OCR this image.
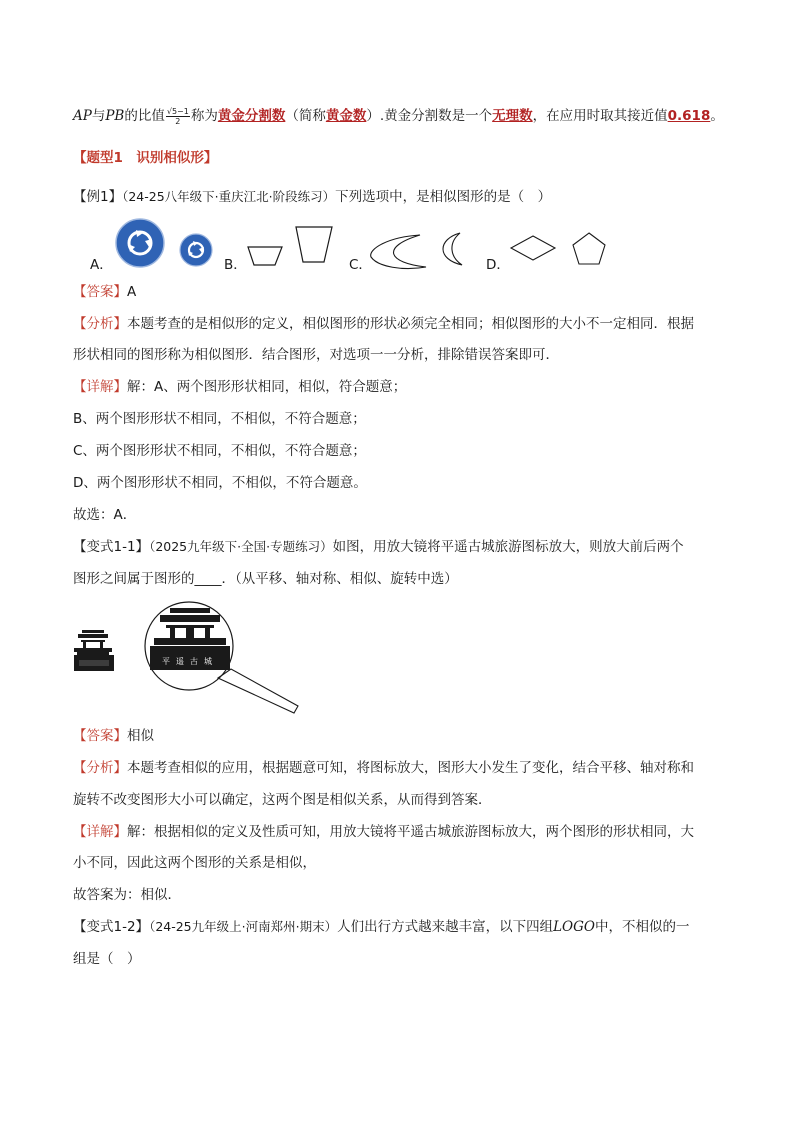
AP与PB的比值 $\frac{√5-1}{2}$ 称为黄金分割数（简称黄金数）.黄金分割数是一个无理数，在应用时取其接近值0.618。
【题型1　识别相似形】
【例1】（24-25八年级下·重庆江北·阶段练习）下列选项中，是相似图形的是（　）
A．	B．	C．	D．
【答案】A
【分析】本题考查的是相似形的定义，相似图形的形状必须完全相同；相似图形的大小不一定相同．根据
形状相同的图形称为相似图形．结合图形，对选项一一分析，排除错误答案即可．
【详解】解：A、两个图形形状相同，相似，符合题意；
B、两个图形形状不相同，不相似，不符合题意；
C、两个图形形状不相同，不相似，不符合题意；
D、两个图形形状不相同，不相似，不符合题意。
故选：A．
【变式1-1】（2025九年级下·全国·专题练习）如图，用放大镜将平遥古城旅游图标放大，则放大前后两个
图形之间属于图形的____．（从平移、轴对称、相似、旋转中选）
平遥古城
【答案】相似
【分析】本题考查相似的应用，根据题意可知，将图标放大，图形大小发生了变化，结合平移、轴对称和
旋转不改变图形大小可以确定，这两个图是相似关系，从而得到答案．
【详解】解：根据相似的定义及性质可知，用放大镜将平遥古城旅游图标放大，两个图形的形状相同，大
小不同，因此这两个图形的关系是相似，
故答案为：相似．
【变式1-2】（24-25九年级上·河南郑州·期末）人们出行方式越来越丰富，以下四组LOGO中，不相似的一
组是（　）
